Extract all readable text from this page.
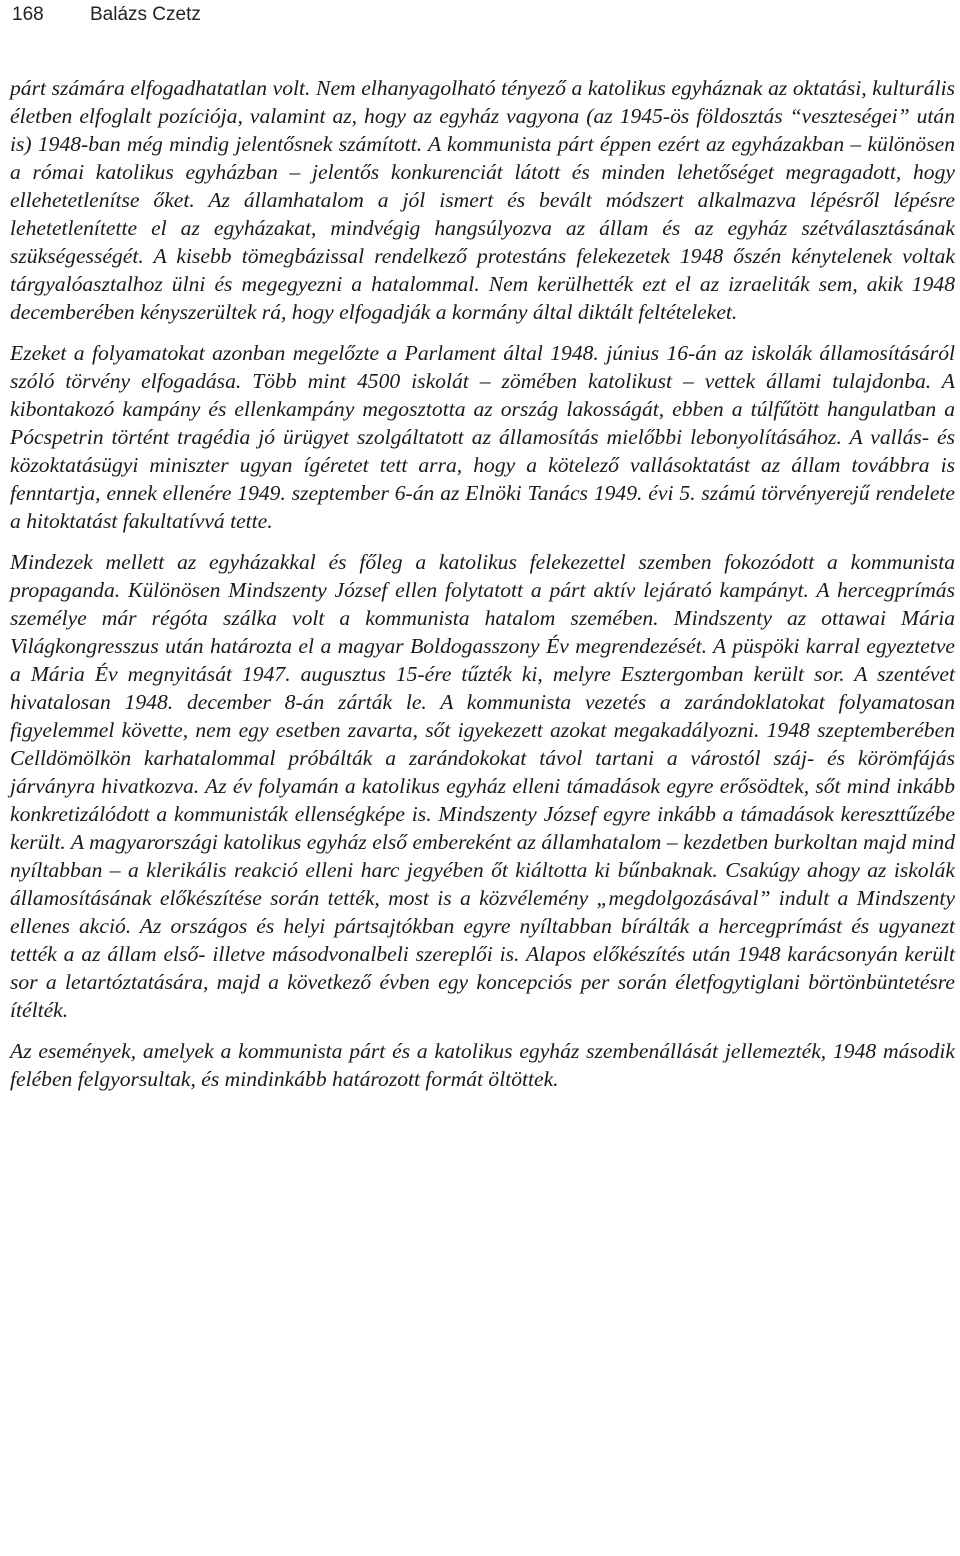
168 Balázs Czetz

párt számára elfogadhatatlan volt. Nem elhanyagolható tényező a katolikus egyháznak az oktatási, kulturális életben elfoglalt pozíciója, valamint az, hogy az egyház vagyona (az 1945-ös földosztás “veszteségei” után is) 1948-ban még mindig jelentősnek számított. A kommunista párt éppen ezért az egyházakban – különösen a római katolikus egyházban – jelentős konkurenciát látott és minden lehetőséget megragadott, hogy ellehetetlenítse őket. Az államhatalom a jól ismert és bevált módszert alkalmazva lépésről lépésre lehetetlenítette el az egyházakat, mindvégig hangsúlyozva az állam és az egyház szétválasztásának szükségességét. A kisebb tömegbázissal rendelkező protestáns felekezetek 1948 őszén kénytelenek voltak tárgyalóasztalhoz ülni és megegyezni a hatalommal. Nem kerülhették ezt el az izraeliták sem, akik 1948 decemberében kényszerültek rá, hogy elfogadják a kormány által diktált feltételeket.

Ezeket a folyamatokat azonban megelőzte a Parlament által 1948. június 16-án az iskolák államosításáról szóló törvény elfogadása. Több mint 4500 iskolát – zömében katolikust – vettek állami tulajdonba. A kibontakozó kampány és ellenkampány megosztotta az ország lakosságát, ebben a túlfűtött hangulatban a Pócspetrin történt tragédia jó ürügyet szolgáltatott az államosítás mielőbbi lebonyolításához. A vallás- és közoktatásügyi miniszter ugyan ígéretet tett arra, hogy a kötelező vallásoktatást az állam továbbra is fenntartja, ennek ellenére 1949. szeptember 6-án az Elnöki Tanács 1949. évi 5. számú törvényerejű rendelete a hitoktatást fakultatívvá tette.

Mindezek mellett az egyházakkal és főleg a katolikus felekezettel szemben fokozódott a kommunista propaganda. Különösen Mindszenty József ellen folytatott a párt aktív lejárató kampányt. A hercegprímás személye már régóta szálka volt a kommunista hatalom szemében. Mindszenty az ottawai Mária Világkongresszus után határozta el a magyar Boldogasszony Év megrendezését. A püspöki karral egyeztetve a Mária Év megnyitását 1947. augusztus 15-ére tűzték ki, melyre Esztergomban került sor. A szentévet hivatalosan 1948. december 8-án zárták le. A kommunista vezetés a zarándoklatokat folyamatosan figyelemmel követte, nem egy esetben zavarta, sőt igyekezett azokat megakadályozni. 1948 szeptemberében Celldömölkön karhatalommal próbálták a zarándokokat távol tartani a várostól száj- és körömfájás járványra hivatkozva. Az év folyamán a katolikus egyház elleni támadások egyre erősödtek, sőt mind inkább konkretizálódott a kommunisták ellenségképe is. Mindszenty József egyre inkább a támadások kereszttűzébe került. A magyarországi katolikus egyház első embereként az államhatalom – kezdetben burkoltan majd mind nyíltabban – a klerikális reakció elleni harc jegyében őt kiáltotta ki bűnbaknak. Csakúgy ahogy az iskolák államosításának előkészítése során tették, most is a közvélemény „megdolgozásával” indult a Mindszenty ellenes akció. Az országos és helyi pártsajtókban egyre nyíltabban bírálták a hercegprímást és ugyanezt tették a az állam első- illetve másodvonalbeli szereplői is. Alapos előkészítés után 1948 karácsonyán került sor a letartóztatására, majd a következő évben egy koncepciós per során életfogytiglani börtönbüntetésre ítélték.

Az események, amelyek a kommunista párt és a katolikus egyház szembenállását jellemezték, 1948 második felében felgyorsultak, és mindinkább határozott formát öltöttek.
